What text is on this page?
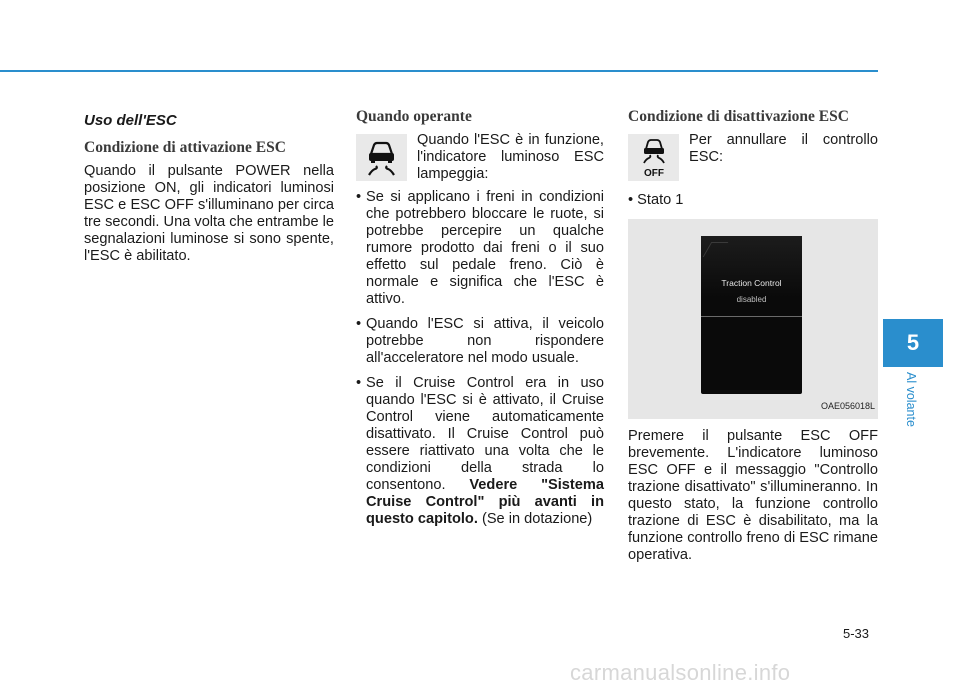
Uso dell'ESC
Condizione di attivazione ESC

Quando il pulsante POWER nella posizione ON, gli indicatori luminosi ESC e ESC OFF s'illuminano per circa tre secondi. Una volta che entrambe le segnalazioni luminose si sono spente, l'ESC è abilitato.

Quando operante

Quando l'ESC è in funzione, l'indicatore luminoso ESC lampeggia:

• Se si applicano i freni in condizioni che potrebbero bloccare le ruote, si potrebbe percepire un qualche rumore prodotto dai freni o il suo effetto sul pedale freno. Ciò è normale e significa che l'ESC è attivo.
• Quando l'ESC si attiva, il veicolo potrebbe non rispondere all'acceleratore nel modo usuale.
• Se il Cruise Control era in uso quando l'ESC si è attivato, il Cruise Control viene automaticamente disattivato. Il Cruise Control può essere riattivato una volta che le condizioni della strada lo consentono. Vedere "Sistema Cruise Control" più avanti in questo capitolo. (Se in dotazione)
Condizione di disattivazione ESC
OFF

Per annullare il controllo ESC:

• Stato 1
Traction Control
disabled
OAE056018L

Premere il pulsante ESC OFF brevemente. L'indicatore luminoso ESC OFF e il messaggio "Controllo trazione disattivato" s'illumineranno. In questo stato, la funzione controllo trazione di ESC è disabilitato, ma la funzione controllo freno di ESC rimane operativa.

5
Al volante
5-33
carmanualsonline.info
